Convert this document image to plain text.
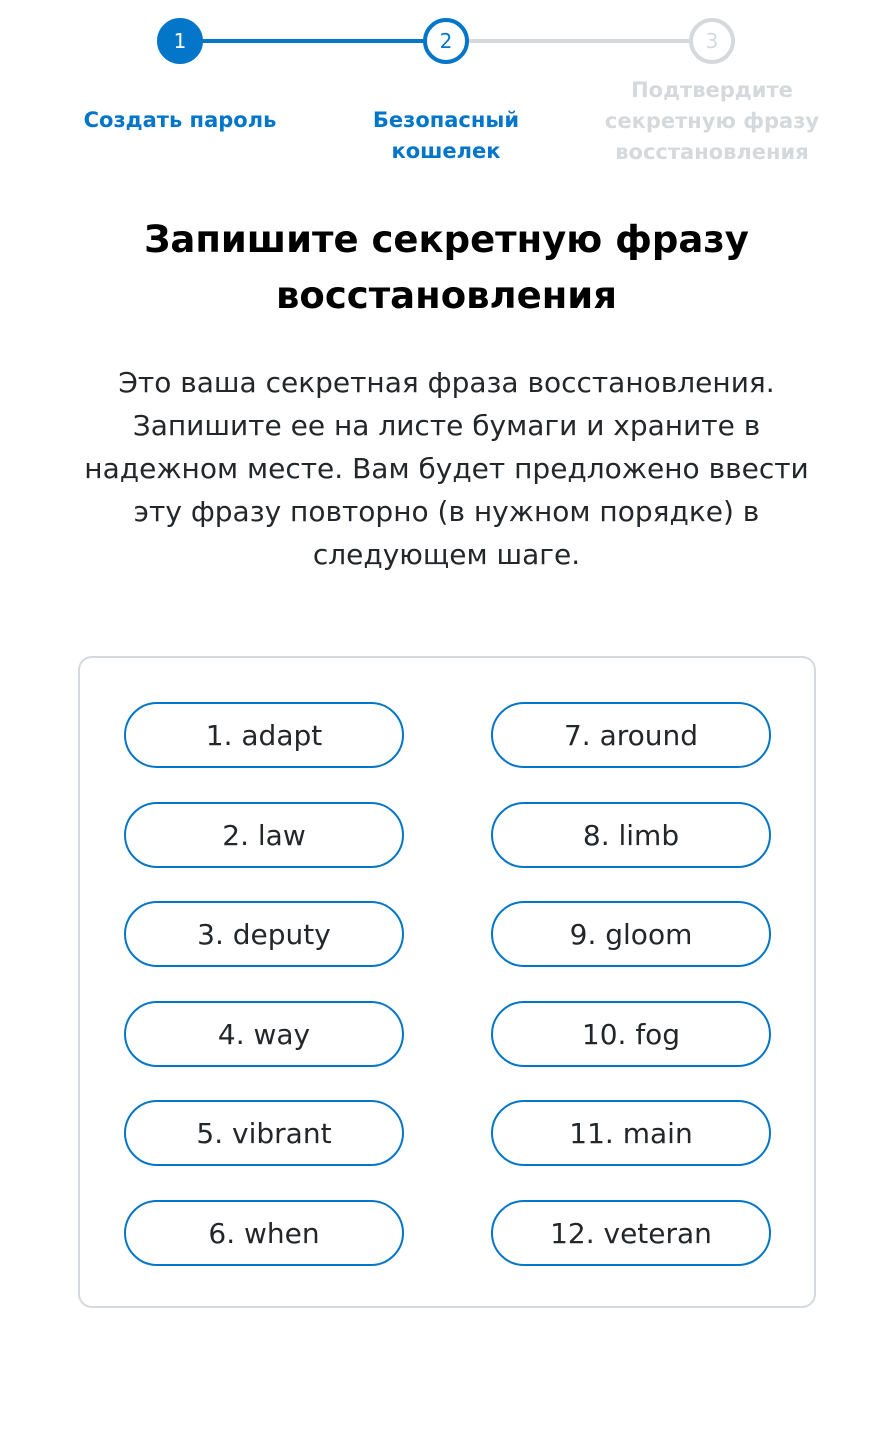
1	2	3
Создать пароль	Безопасный кошелек
Подтвердите секретную фразу восстановления
Запишите секретную фразу восстановления

Это ваша секретная фраза восстановления. Запишите ее на листе бумаги и храните в надежном месте. Вам будет предложено ввести эту фразу повторно (в нужном порядке) в следующем шаге.

1. adapt
2. law
3. deputy
4. way
5. vibrant
6. when
7. around
8. limb
9. gloom
10. fog
11. main
12. veteran
